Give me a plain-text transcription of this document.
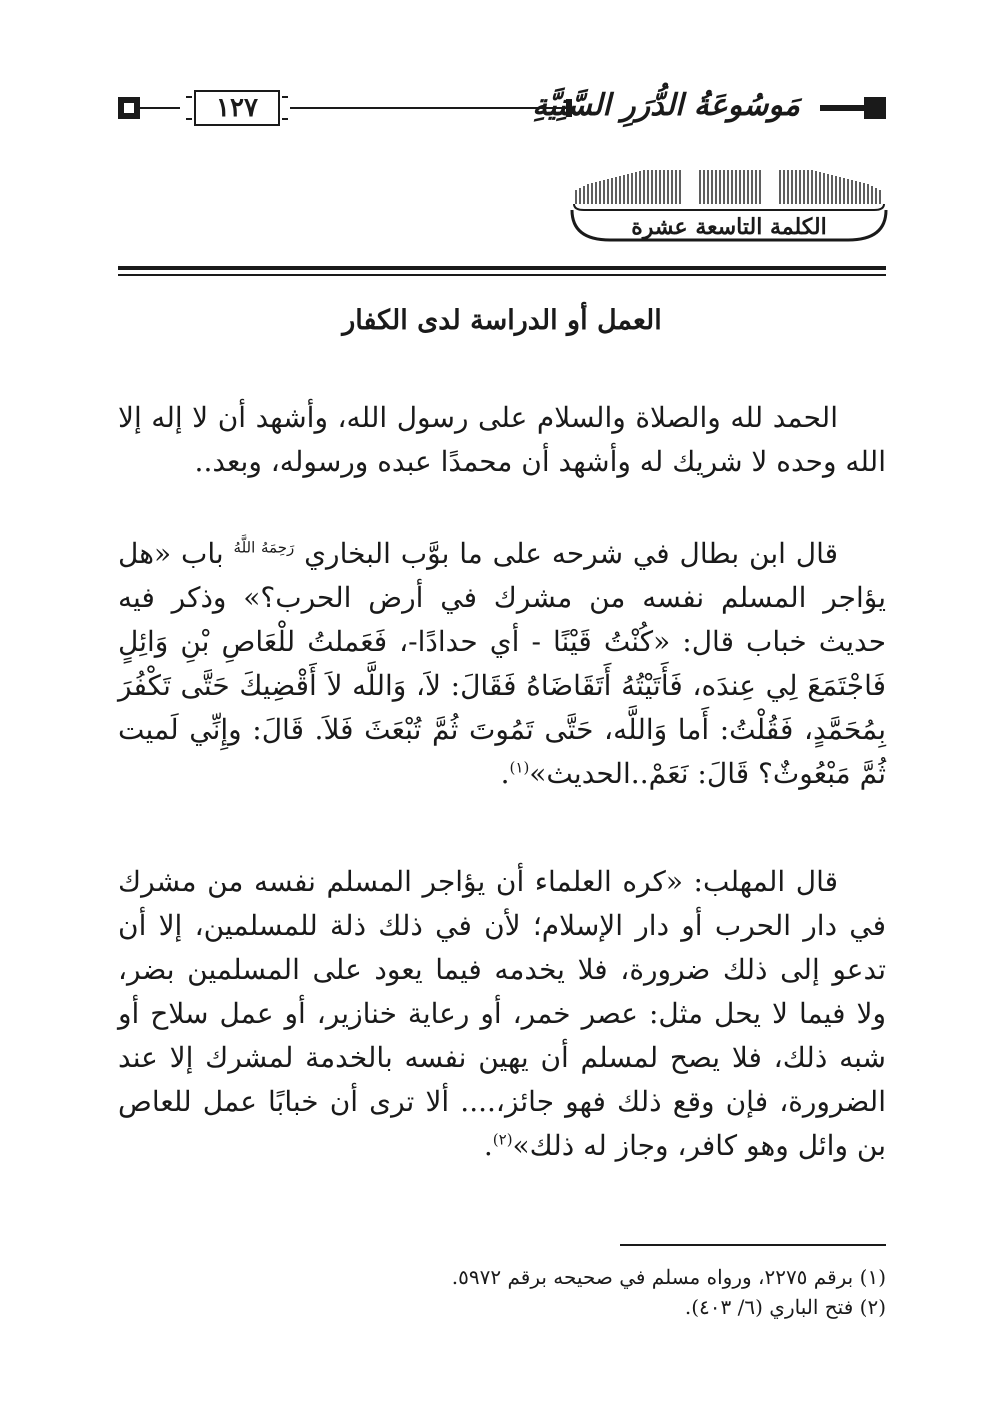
١٢٧	مَوسُوعَةُ الدُّرَرِ السَّنِيَّةِ
الكلمة التاسعة عشرة
العمل أو الدراسة لدى الكفار

الحمد لله والصلاة والسلام على رسول الله، وأشهد أن لا إله إلا الله وحده لا شريك له وأشهد أن محمدًا عبده ورسوله، وبعد..

قال ابن بطال في شرحه على ما بوَّب البخاري $^{رَحِمَهُ اللَّهُ}$ باب «هل يؤاجر المسلم نفسه من مشرك في أرض الحرب؟» وذكر فيه حديث خباب قال: «كُنْتُ قَيْنًا - أي حدادًا-، فَعَملتُ للْعَاصِ بْنِ وَائِلٍ فَاجْتَمَعَ لِي عِندَه، فَأَتَيْتُهُ أَتَقَاضَاهُ فَقَالَ: لاَ، وَاللَّه لاَ أَقْضِيكَ حَتَّى تَكْفُرَ بِمُحَمَّدٍ، فَقُلْتُ: أَما وَاللَّه، حَتَّى تَمُوتَ ثُمَّ تُبْعَثَ فَلاَ. قَالَ: وإِنِّي لَميت ثُمَّ مَبْعُوثٌ؟ قَالَ: نَعَمْ..الحديث»$^{(١)}$.

قال المهلب: «كره العلماء أن يؤاجر المسلم نفسه من مشرك في دار الحرب أو دار الإسلام؛ لأن في ذلك ذلة للمسلمين، إلا أن تدعو إلى ذلك ضرورة، فلا يخدمه فيما يعود على المسلمين بضر، ولا فيما لا يحل مثل: عصر خمر، أو رعاية خنازير، أو عمل سلاح أو شبه ذلك، فلا يصح لمسلم أن يهين نفسه بالخدمة لمشرك إلا عند الضرورة، فإن وقع ذلك فهو جائز،.... ألا ترى أن خبابًا عمل للعاص بن وائل وهو كافر، وجاز له ذلك»$^{(٢)}$.

(١) برقم ٢٢٧٥، ورواه مسلم في صحيحه برقم ٥٩٧٢.
(٢) فتح الباري (٦/ ٤٠٣).
